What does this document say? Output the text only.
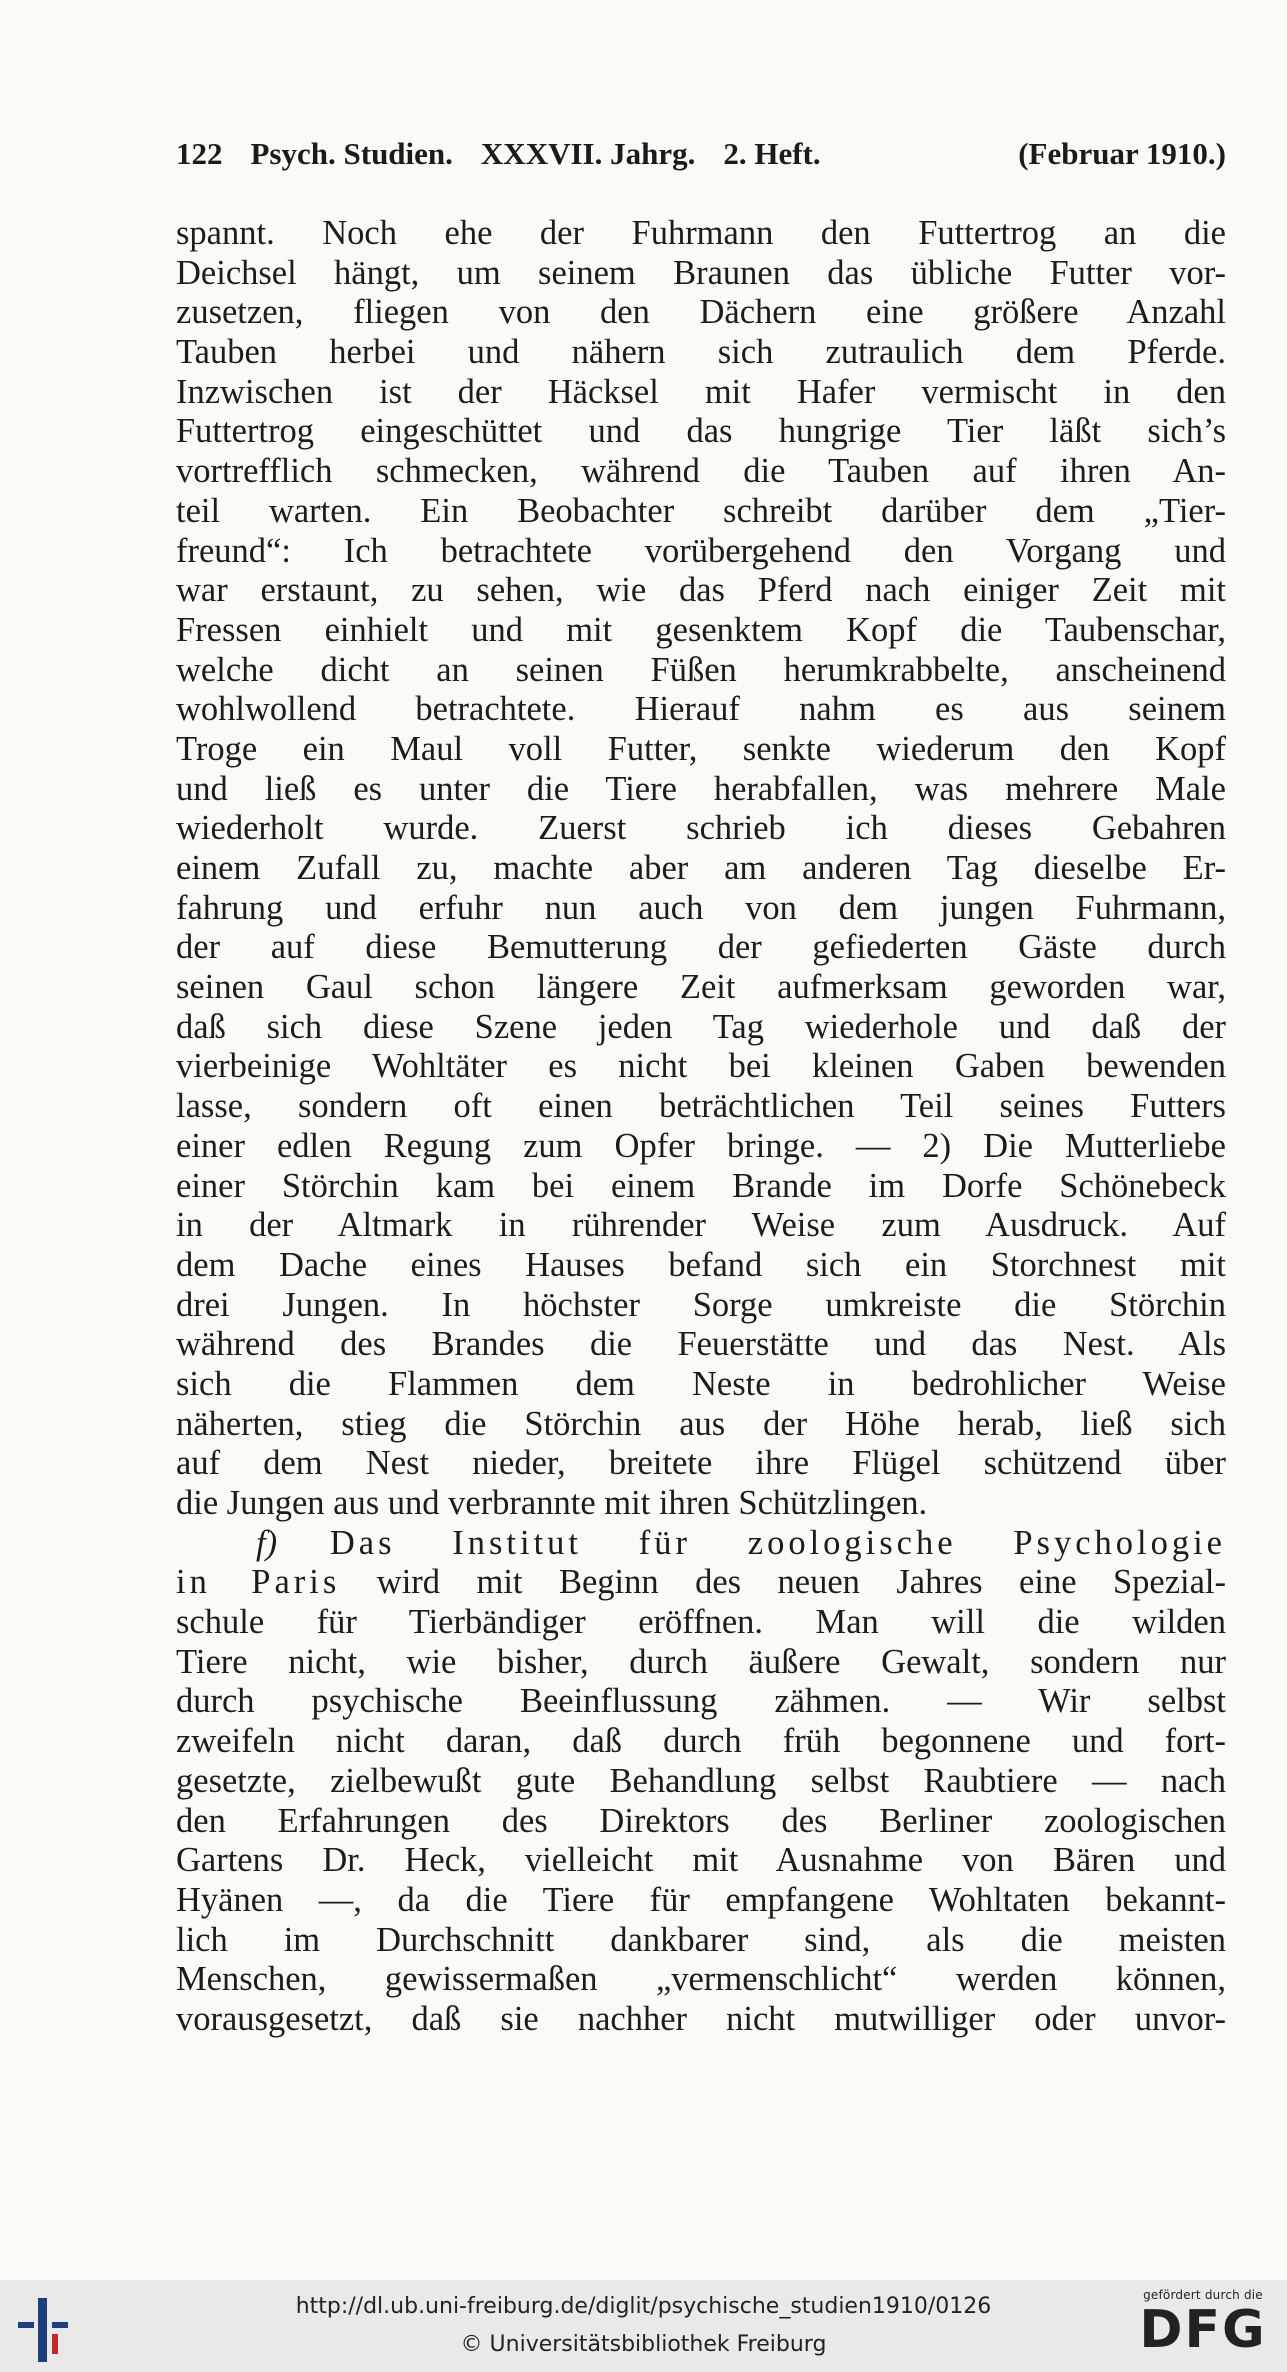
122 Psych. Studien. XXXVII. Jahrg. 2. Heft.	(Februar 1910.)
spannt. Noch ehe der Fuhrmann den Futtertrog an die
Deichsel hängt, um seinem Braunen das übliche Futter vor-
zusetzen, fliegen von den Dächern eine größere Anzahl
Tauben herbei und nähern sich zutraulich dem Pferde.
Inzwischen ist der Häcksel mit Hafer vermischt in den
Futtertrog eingeschüttet und das hungrige Tier läßt sich’s
vortrefflich schmecken, während die Tauben auf ihren An-
teil warten. Ein Beobachter schreibt darüber dem „Tier-
freund“: Ich betrachtete vorübergehend den Vorgang und
war erstaunt, zu sehen, wie das Pferd nach einiger Zeit mit
Fressen einhielt und mit gesenktem Kopf die Taubenschar,
welche dicht an seinen Füßen herumkrabbelte, anscheinend
wohlwollend betrachtete. Hierauf nahm es aus seinem
Troge ein Maul voll Futter, senkte wiederum den Kopf
und ließ es unter die Tiere herabfallen, was mehrere Male
wiederholt wurde. Zuerst schrieb ich dieses Gebahren
einem Zufall zu, machte aber am anderen Tag dieselbe Er-
fahrung und erfuhr nun auch von dem jungen Fuhrmann,
der auf diese Bemutterung der gefiederten Gäste durch
seinen Gaul schon längere Zeit aufmerksam geworden war,
daß sich diese Szene jeden Tag wiederhole und daß der
vierbeinige Wohltäter es nicht bei kleinen Gaben bewenden
lasse, sondern oft einen beträchtlichen Teil seines Futters
einer edlen Regung zum Opfer bringe. — 2) Die Mutterliebe
einer Störchin kam bei einem Brande im Dorfe Schönebeck
in der Altmark in rührender Weise zum Ausdruck. Auf
dem Dache eines Hauses befand sich ein Storchnest mit
drei Jungen. In höchster Sorge umkreiste die Störchin
während des Brandes die Feuerstätte und das Nest. Als
sich die Flammen dem Neste in bedrohlicher Weise
näherten, stieg die Störchin aus der Höhe herab, ließ sich
auf dem Nest nieder, breitete ihre Flügel schützend über
die Jungen aus und verbrannte mit ihren Schützlingen.
f) Das Institut für zoologische Psychologie
in Paris wird mit Beginn des neuen Jahres eine Spezial-
schule für Tierbändiger eröffnen. Man will die wilden
Tiere nicht, wie bisher, durch äußere Gewalt, sondern nur
durch psychische Beeinflussung zähmen. — Wir selbst
zweifeln nicht daran, daß durch früh begonnene und fort-
gesetzte, zielbewußt gute Behandlung selbst Raubtiere — nach
den Erfahrungen des Direktors des Berliner zoologischen
Gartens Dr. Heck, vielleicht mit Ausnahme von Bären und
Hyänen —, da die Tiere für empfangene Wohltaten bekannt-
lich im Durchschnitt dankbarer sind, als die meisten
Menschen, gewissermaßen „vermenschlicht“ werden können,
vorausgesetzt, daß sie nachher nicht mutwilliger oder unvor-
http://dl.ub.uni-freiburg.de/diglit/psychische_studien1910/0126
© Universitätsbibliothek Freiburg
gefördert durch die
DFG
